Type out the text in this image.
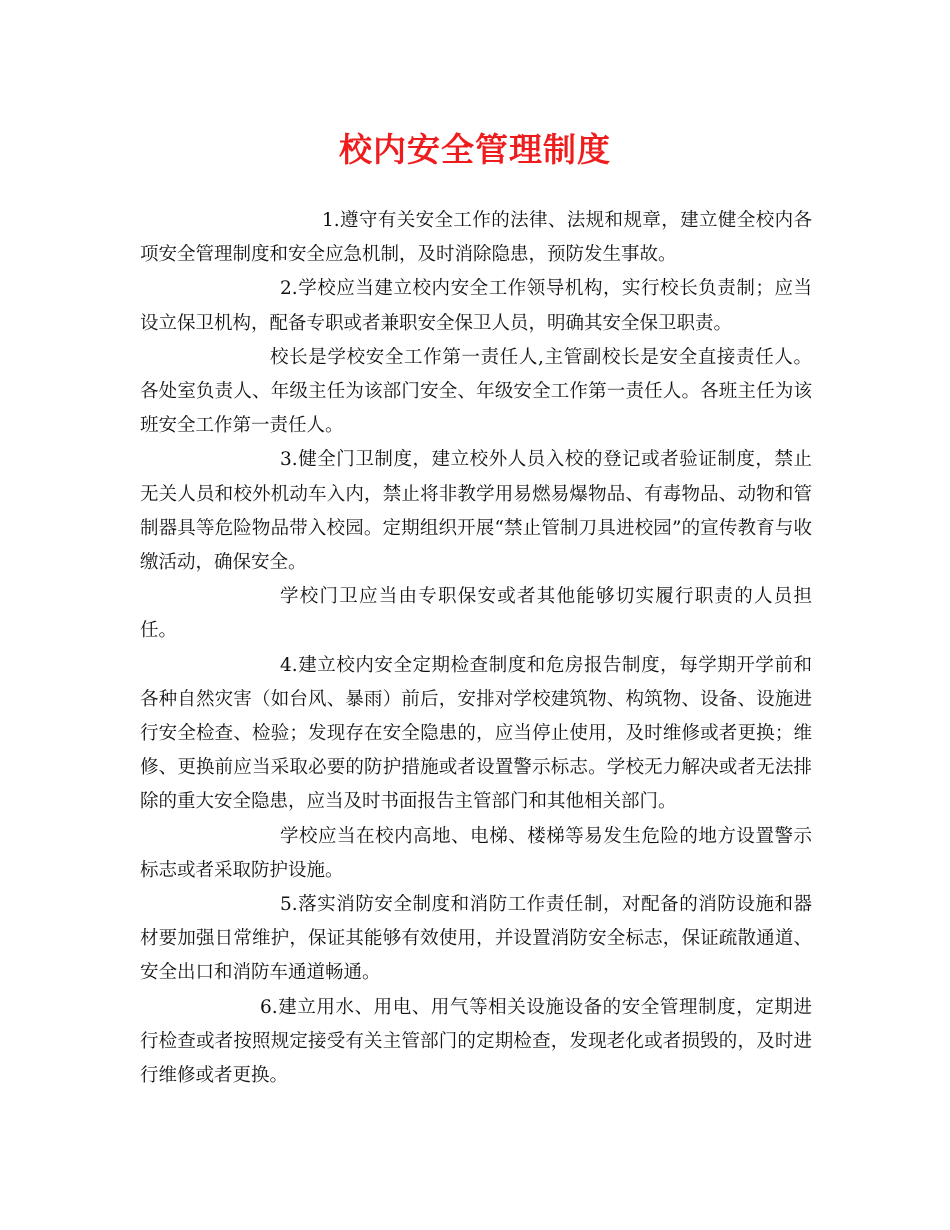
校内安全管理制度

1.遵守有关安全工作的法律、法规和规章，建立健全校内各项安全管理制度和安全应急机制，及时消除隐患，预防发生事故。

2.学校应当建立校内安全工作领导机构，实行校长负责制；应当设立保卫机构，配备专职或者兼职安全保卫人员，明确其安全保卫职责。

校长是学校安全工作第一责任人,主管副校长是安全直接责任人。各处室负责人、年级主任为该部门安全、年级安全工作第一责任人。各班主任为该班安全工作第一责任人。

3.健全门卫制度，建立校外人员入校的登记或者验证制度，禁止无关人员和校外机动车入内，禁止将非教学用易燃易爆物品、有毒物品、动物和管制器具等危险物品带入校园。定期组织开展“禁止管制刀具进校园”的宣传教育与收缴活动，确保安全。

学校门卫应当由专职保安或者其他能够切实履行职责的人员担任。

4.建立校内安全定期检查制度和危房报告制度，每学期开学前和各种自然灾害（如台风、暴雨）前后，安排对学校建筑物、构筑物、设备、设施进行安全检查、检验；发现存在安全隐患的，应当停止使用，及时维修或者更换；维修、更换前应当采取必要的防护措施或者设置警示标志。学校无力解决或者无法排除的重大安全隐患，应当及时书面报告主管部门和其他相关部门。

学校应当在校内高地、电梯、楼梯等易发生危险的地方设置警示标志或者采取防护设施。

5.落实消防安全制度和消防工作责任制，对配备的消防设施和器材要加强日常维护，保证其能够有效使用，并设置消防安全标志，保证疏散通道、安全出口和消防车通道畅通。

6.建立用水、用电、用气等相关设施设备的安全管理制度，定期进行检查或者按照规定接受有关主管部门的定期检查，发现老化或者损毁的，及时进行维修或者更换。
